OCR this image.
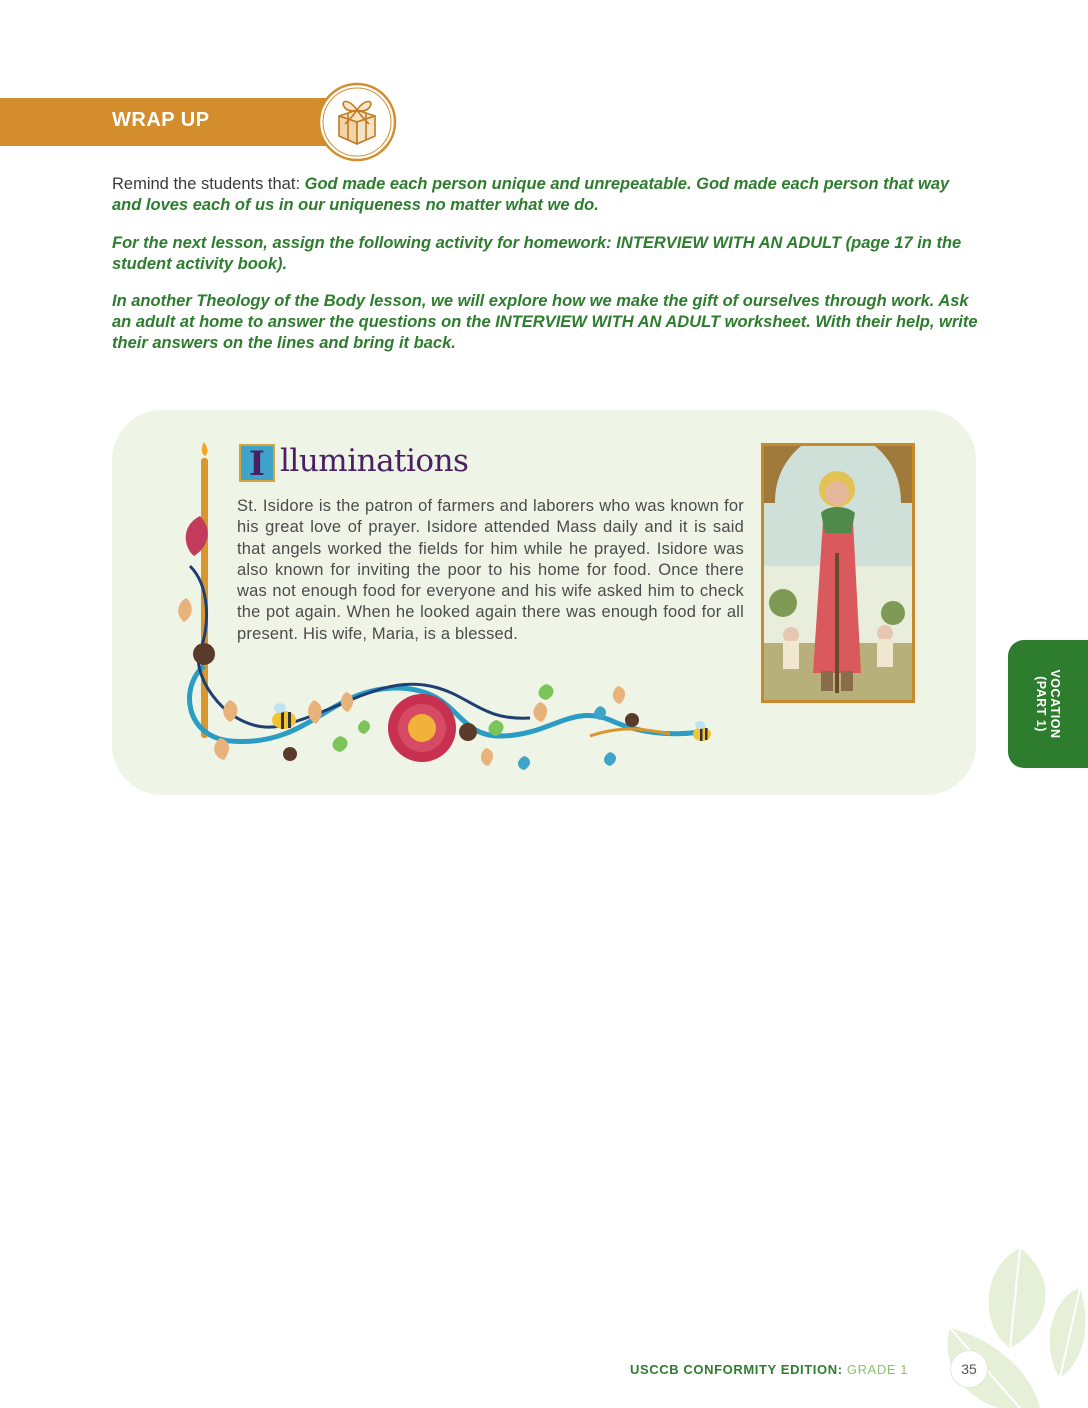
WRAP UP
Remind the students that: God made each person unique and unrepeatable. God made each person that way and loves each of us in our uniqueness no matter what we do.
For the next lesson, assign the following activity for homework: INTERVIEW WITH AN ADULT (page 17 in the student activity book).
In another Theology of the Body lesson, we will explore how we make the gift of ourselves through work. Ask an adult at home to answer the questions on the INTERVIEW WITH AN ADULT worksheet. With their help, write their answers on the lines and bring it back.
I lluminations
St. Isidore is the patron of farmers and laborers who was known for his great love of prayer. Isidore attended Mass daily and it is said that angels worked the fields for him while he prayed. Isidore was also known for inviting the poor to his home for food. Once there was not enough food for everyone and his wife asked him to check the pot again. When he looked again there was enough food for all present. His wife, Maria, is a blessed.
VOCATION
(PART 1)
USCCB CONFORMITY EDITION: GRADE 1	35
